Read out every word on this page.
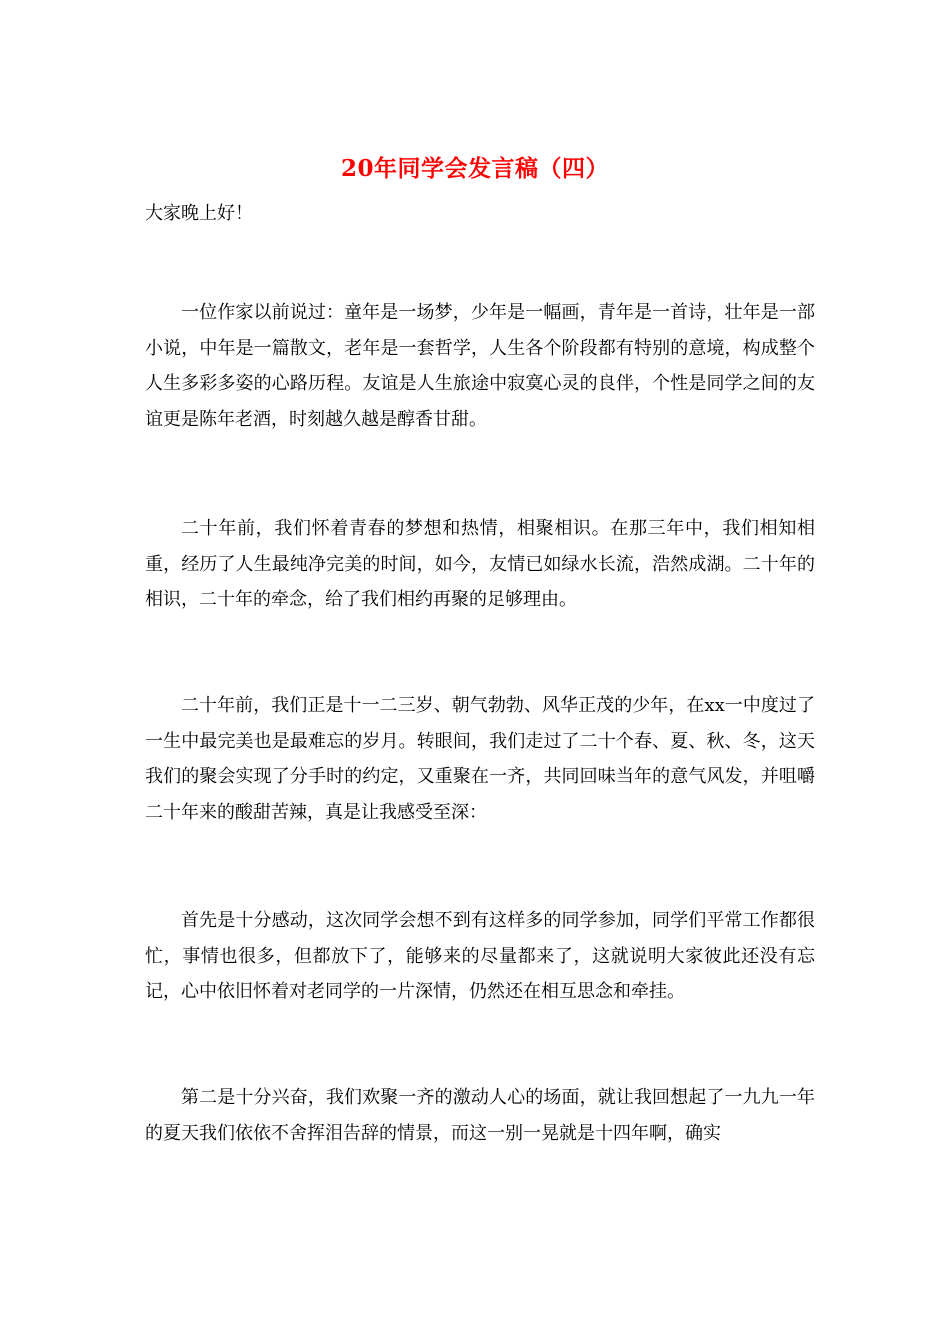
20年同学会发言稿（四）
大家晚上好！

一位作家以前说过：童年是一场梦，少年是一幅画，青年是一首诗，壮年是一部小说，中年是一篇散文，老年是一套哲学，人生各个阶段都有特别的意境，构成整个人生多彩多姿的心路历程。友谊是人生旅途中寂寞心灵的良伴，个性是同学之间的友谊更是陈年老酒，时刻越久越是醇香甘甜。

二十年前，我们怀着青春的梦想和热情，相聚相识。在那三年中，我们相知相重，经历了人生最纯净完美的时间，如今，友情已如绿水长流，浩然成湖。二十年的相识，二十年的牵念，给了我们相约再聚的足够理由。

二十年前，我们正是十一二三岁、朝气勃勃、风华正茂的少年，在xx一中度过了一生中最完美也是最难忘的岁月。转眼间，我们走过了二十个春、夏、秋、冬，这天我们的聚会实现了分手时的约定，又重聚在一齐，共同回味当年的意气风发，并咀嚼二十年来的酸甜苦辣，真是让我感受至深：

首先是十分感动，这次同学会想不到有这样多的同学参加，同学们平常工作都很忙，事情也很多，但都放下了，能够来的尽量都来了，这就说明大家彼此还没有忘记，心中依旧怀着对老同学的一片深情，仍然还在相互思念和牵挂。

第二是十分兴奋，我们欢聚一齐的激动人心的场面，就让我回想起了一九九一年的夏天我们依依不舍挥泪告辞的情景，而这一别一晃就是十四年啊，确实
